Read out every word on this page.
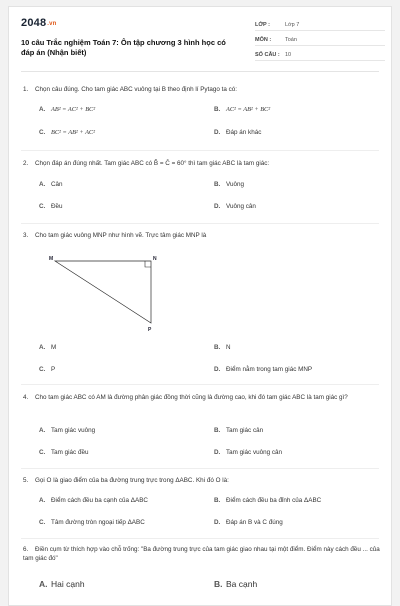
2048.vn
10 câu Trắc nghiệm Toán 7: Ôn tập chương 3 hình học có đáp án (Nhận biết)
LỚP :	Lớp 7
MÔN :	Toán
SỐ CÂU : 10
1. Chọn câu đúng. Cho tam giác ABC vuông tại B theo định lí Pytago ta có:
A. AB² = AC² + BC²	B. AC² = AB² + BC²
C. BC² = AB² + AC²	D. Đáp án khác
2. Chọn đáp án đúng nhất. Tam giác ABC có B̂ = Ĉ = 60° thì tam giác ABC là tam giác:
A. Cân	B. Vuông
C. Đều	D. Vuông cân
3. Cho tam giác vuông MNP như hình vẽ. Trực tâm giác MNP là
M	N
P
A. M	B. N
C. P	D. Điểm nằm trong tam giác MNP
4. Cho tam giác ABC có AM là đường phân giác đồng thời cũng là đường cao, khi đó tam giác ABC là tam giác gì?
A. Tam giác vuông	B. Tam giác cân
C. Tam giác đều	D. Tam giác vuông cân
5. Gọi O là giao điểm của ba đường trung trực trong ΔABC. Khi đó O là:
A. Điểm cách đều ba cạnh của ΔABC	B. Điểm cách đều ba đỉnh của ΔABC
C. Tâm đường tròn ngoại tiếp ΔABC	D. Đáp án B và C đúng
6. Điền cụm từ thích hợp vào chỗ trống: "Ba đường trung trực của tam giác giao nhau tại một điểm. Điểm này cách đều ... của tam giác đó"
A. Hai cạnh	B. Ba cạnh
